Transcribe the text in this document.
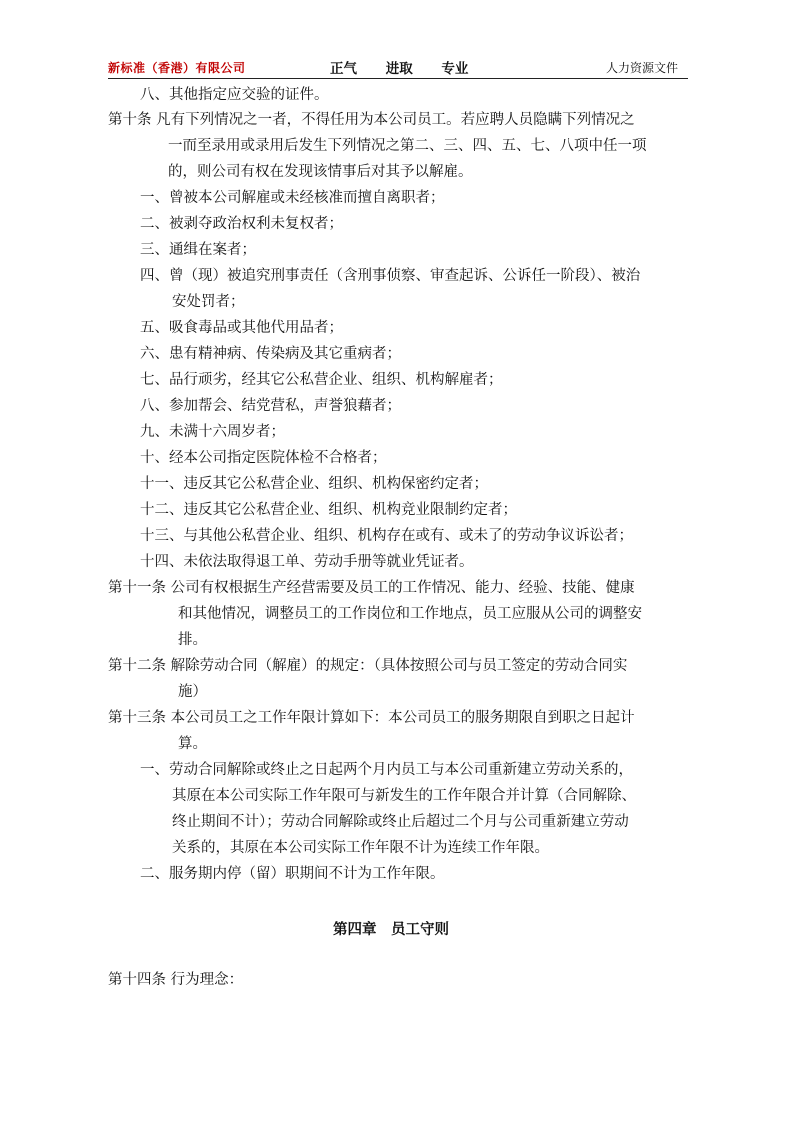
新标准（香港）有限公司	正气 进取 专业	人力资源文件
八、其他指定应交验的证件。
第十条 凡有下列情况之一者，不得任用为本公司员工。若应聘人员隐瞒下列情况之
一而至录用或录用后发生下列情况之第二、三、四、五、七、八项中任一项
的，则公司有权在发现该情事后对其予以解雇。
一、曾被本公司解雇或未经核准而擅自离职者；
二、被剥夺政治权利未复权者；
三、通缉在案者；
四、曾（现）被追究刑事责任（含刑事侦察、审查起诉、公诉任一阶段）、被治
安处罚者；
五、吸食毒品或其他代用品者；
六、患有精神病、传染病及其它重病者；
七、品行顽劣，经其它公私营企业、组织、机构解雇者；
八、参加帮会、结党营私，声誉狼藉者；
九、未满十六周岁者；
十、经本公司指定医院体检不合格者；
十一、违反其它公私营企业、组织、机构保密约定者；
十二、违反其它公私营企业、组织、机构竞业限制约定者；
十三、与其他公私营企业、组织、机构存在或有、或未了的劳动争议诉讼者；
十四、未依法取得退工单、劳动手册等就业凭证者。
第十一条 公司有权根据生产经营需要及员工的工作情况、能力、经验、技能、健康
和其他情况，调整员工的工作岗位和工作地点，员工应服从公司的调整安
排。
第十二条 解除劳动合同（解雇）的规定：（具体按照公司与员工签定的劳动合同实
施）
第十三条 本公司员工之工作年限计算如下：本公司员工的服务期限自到职之日起计
算。
一、劳动合同解除或终止之日起两个月内员工与本公司重新建立劳动关系的，
其原在本公司实际工作年限可与新发生的工作年限合并计算（合同解除、
终止期间不计）；劳动合同解除或终止后超过二个月与公司重新建立劳动
关系的，其原在本公司实际工作年限不计为连续工作年限。
二、服务期内停（留）职期间不计为工作年限。
第四章　员工守则
第十四条 行为理念：
